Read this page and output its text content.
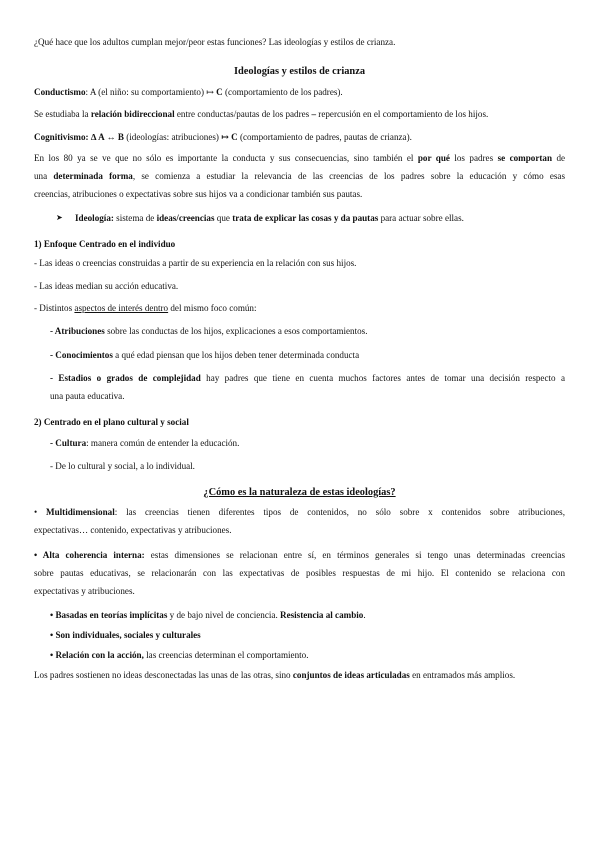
¿Qué hace que los adultos cumplan mejor/peor estas funciones? Las ideologías y estilos de crianza.
Ideologías y estilos de crianza
Conductismo: A (el niño: su comportamiento) ↦ C (comportamiento de los padres).
Se estudiaba la relación bidireccional entre conductas/pautas de los padres – repercusión en el comportamiento de los hijos.
Cognitivismo: ∆ A ↔ B (ideologías: atribuciones) ↦ C (comportamiento de padres, pautas de crianza).
En los 80 ya se ve que no sólo es importante la conducta y sus consecuencias, sino también el por qué los padres se comportan de
una determinada forma, se comienza a estudiar la relevancia de las creencias de los padres sobre la educación y cómo esas
creencias, atribuciones o expectativas sobre sus hijos va a condicionar también sus pautas.
➤ Ideología: sistema de ideas/creencias que trata de explicar las cosas y da pautas para actuar sobre ellas.
1) Enfoque Centrado en el individuo
- Las ideas o creencias construidas a partir de su experiencia en la relación con sus hijos.
- Las ideas median su acción educativa.
- Distintos aspectos de interés dentro del mismo foco común:
- Atribuciones sobre las conductas de los hijos, explicaciones a esos comportamientos.
- Conocimientos a qué edad piensan que los hijos deben tener determinada conducta
- Estadios o grados de complejidad hay padres que tiene en cuenta muchos factores antes de tomar una decisión respecto a
una pauta educativa.
2) Centrado en el plano cultural y social
- Cultura: manera común de entender la educación.
- De lo cultural y social, a lo individual.
¿Cómo es la naturaleza de estas ideologías?
• Multidimensional: las creencias tienen diferentes tipos de contenidos, no sólo sobre x contenidos sobre atribuciones,
expectativas… contenido, expectativas y atribuciones.
• Alta coherencia interna: estas dimensiones se relacionan entre sí, en términos generales si tengo unas determinadas creencias
sobre pautas educativas, se relacionarán con las expectativas de posibles respuestas de mi hijo. El contenido se relaciona con
expectativas y atribuciones.
• Basadas en teorías implícitas y de bajo nivel de conciencia. Resistencia al cambio.
• Son individuales, sociales y culturales
• Relación con la acción, las creencias determinan el comportamiento.
Los padres sostienen no ideas desconectadas las unas de las otras, sino conjuntos de ideas articuladas en entramados más amplios.
